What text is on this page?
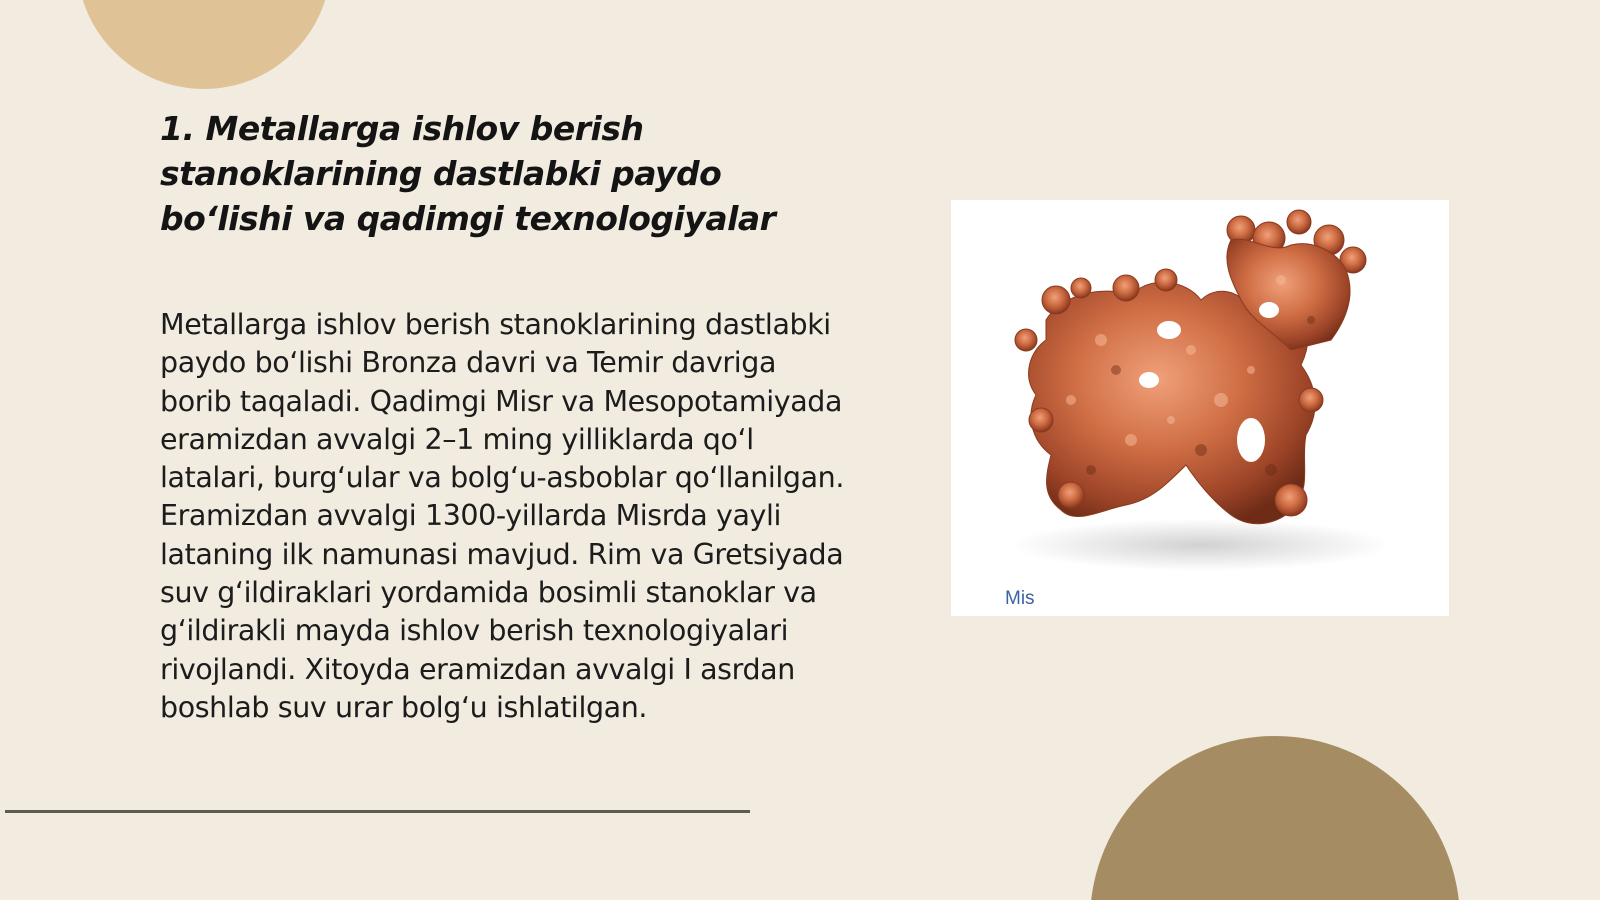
1. Metallarga ishlov berish stanoklarining dastlabki paydo boʻlishi va qadimgi texnologiyalar

Metallarga ishlov berish stanoklarining dastlabki paydo boʻlishi Bronza davri va Temir davriga borib taqaladi. Qadimgi Misr va Mesopotamiyada eramizdan avvalgi 2–1 ming yilliklarda qoʻl latalari, burgʻular va bolgʻu-asboblar qoʻllanilgan. Eramizdan avvalgi 1300-yillarda Misrda yayli lataning ilk namunasi mavjud. Rim va Gretsiyada suv gʻildiraklari yordamida bosimli stanoklar va gʻildirakli mayda ishlov berish texnologiyalari rivojlandi. Xitoyda eramizdan avvalgi I asrdan boshlab suv urar bolgʻu ishlatilgan.

Mis
